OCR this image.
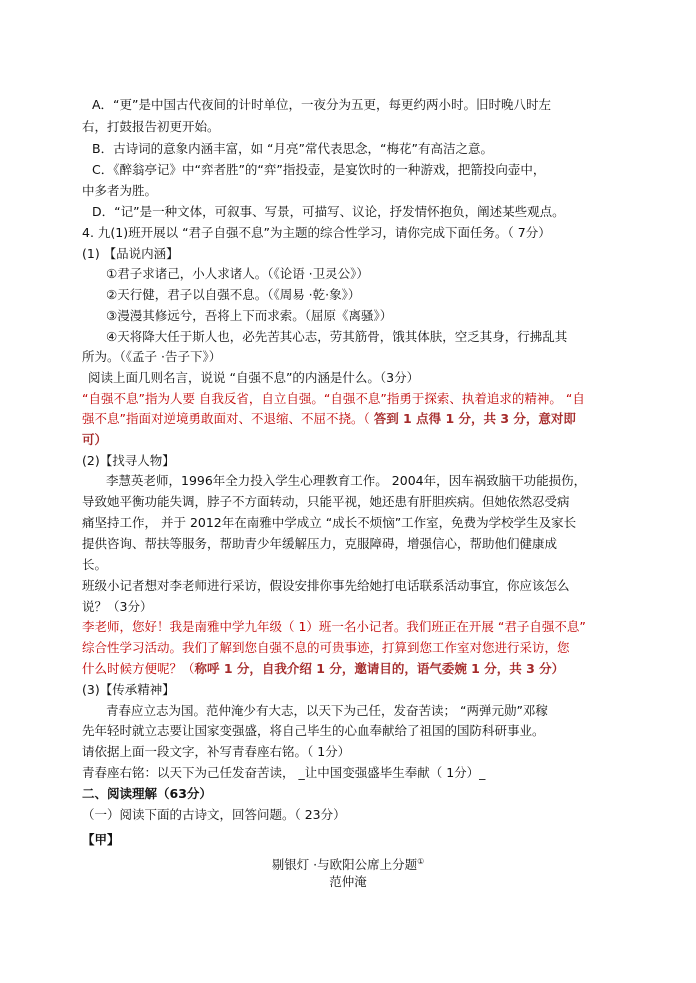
A．“更”是中国古代夜间的计时单位，一夜分为五更，每更约两小时。旧时晚八时左
右，打鼓报告初更开始。
B．古诗词的意象内涵丰富，如 “月亮”常代表思念，“梅花”有高洁之意。
C．《醉翁亭记》中“弈者胜”的“弈”指投壶，是宴饮时的一种游戏，把箭投向壶中，
中多者为胜。
D．“记”是一种文体，可叙事、写景，可描写、议论，抒发情怀抱负，阐述某些观点。
4. 九(1)班开展以 “君子自强不息”为主题的综合性学习，请你完成下面任务。（ 7分）
(1) 【品说内涵】
①君子求诸己，小人求诸人。（《论语 ·卫灵公》）
②天行健，君子以自强不息。（《周易 ·乾·象》）
③漫漫其修远兮，吾将上下而求索。（屈原《离骚》）
④天将降大任于斯人也，必先苦其心志，劳其筋骨，饿其体肤，空乏其身，行拂乱其
所为。（《孟子 ·告子下》）
阅读上面几则名言，说说 “自强不息”的内涵是什么。（3分）
“自强不息”指为人要 自我反省，自立自强。“自强不息”指勇于探索、执着追求的精神。 “自
强不息”指面对逆境勇敢面对、不退缩、不屈不挠。（ 答到 1 点得 1 分，共 3 分，意对即
可）
(2)【找寻人物】
李慧英老师，1996年全力投入学生心理教育工作。 2004年，因车祸致脑干功能损伤，
导致她平衡功能失调，脖子不方面转动，只能平视，她还患有肝胆疾病。但她依然忍受病
痛坚持工作， 并于 2012年在南雅中学成立 “成长不烦恼”工作室，免费为学校学生及家长
提供咨询、帮扶等服务，帮助青少年缓解压力，克服障碍，增强信心，帮助他们健康成
长。
班级小记者想对李老师进行采访，假设安排你事先给她打电话联系活动事宜，你应该怎么
说？（3分）
李老师，您好！我是南雅中学九年级（ 1）班一名小记者。我们班正在开展 “君子自强不息”
综合性学习活动。我们了解到您自强不息的可贵事迹，打算到您工作室对您进行采访，您
什么时候方便呢？（称呼 1 分，自我介绍 1 分，邀请目的，语气委婉 1 分，共 3 分）
(3)【传承精神】
青春应立志为国。范仲淹少有大志，以天下为己任，发奋苦读； “两弹元勋”邓稼
先年轻时就立志要让国家变强盛，将自己毕生的心血奉献给了祖国的国防科研事业。
请依据上面一段文字，补写青春座右铭。（ 1分）
青春座右铭：以天下为己任发奋苦读， _让中国变强盛毕生奉献（ 1分）_
二、阅读理解（63分）
（一）阅读下面的古诗文，回答问题。（ 23分）
【甲】
剔银灯 ·与欧阳公席上分题①
范仲淹
